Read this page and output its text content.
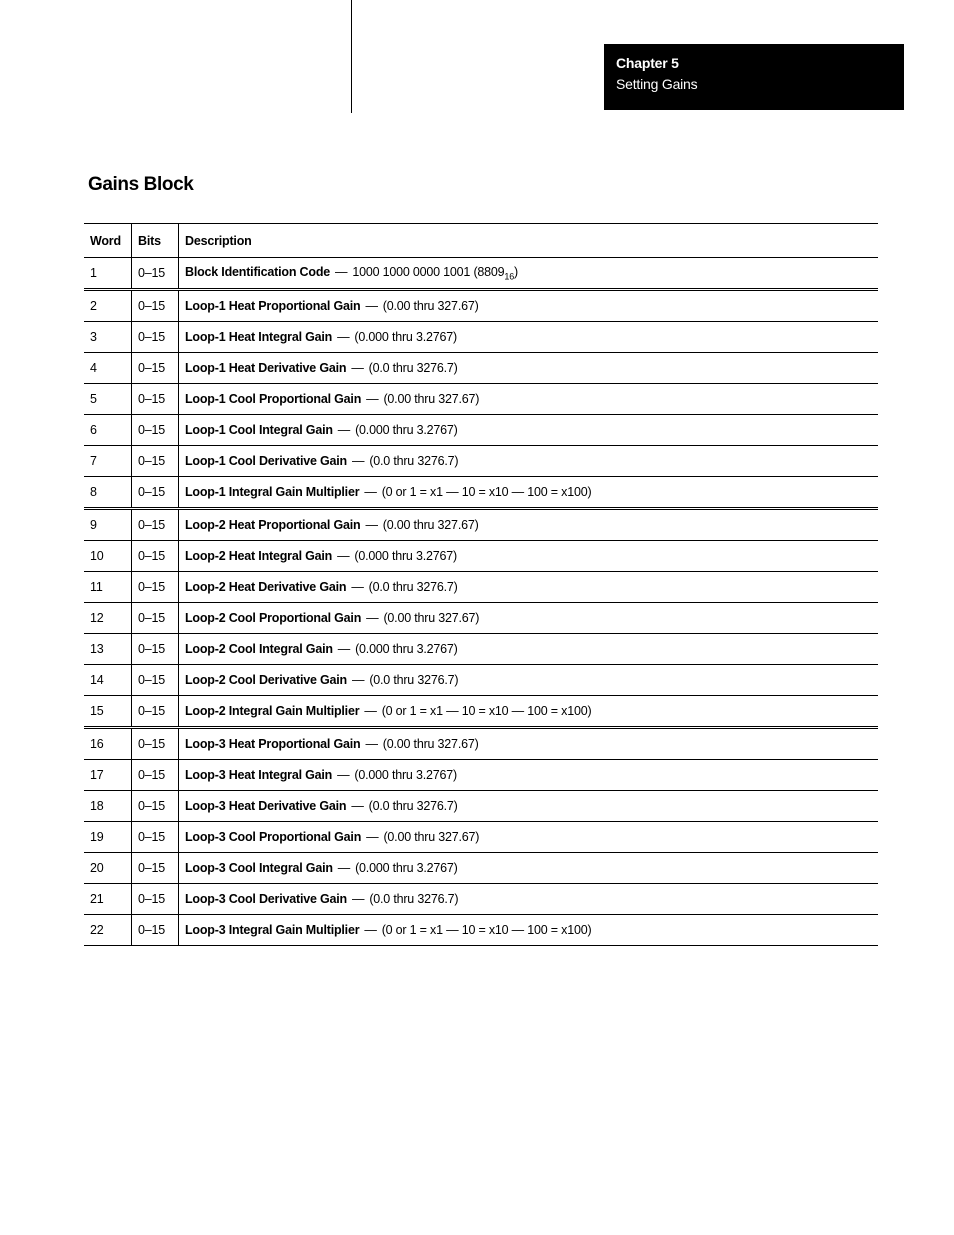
Chapter 5
Setting Gains
Gains Block
Word	Bits	Description
1	0–15	Block Identification Code — 1000 1000 0000 1001 $(8809_{16})$
2	0–15	Loop-1 Heat Proportional Gain — (0.00 thru 327.67)
3	0–15	Loop-1 Heat Integral Gain — (0.000 thru 3.2767)
4	0–15	Loop-1 Heat Derivative Gain — (0.0 thru 3276.7)
5	0–15	Loop-1 Cool Proportional Gain — (0.00 thru 327.67)
6	0–15	Loop-1 Cool Integral Gain — (0.000 thru 3.2767)
7	0–15	Loop-1 Cool Derivative Gain — (0.0 thru 3276.7)
8	0–15	Loop-1 Integral Gain Multiplier — (0 or 1 = x1 — 10 = x10 — 100 = x100)
9	0–15	Loop-2 Heat Proportional Gain — (0.00 thru 327.67)
10	0–15	Loop-2 Heat Integral Gain — (0.000 thru 3.2767)
11	0–15	Loop-2 Heat Derivative Gain — (0.0 thru 3276.7)
12	0–15	Loop-2 Cool Proportional Gain — (0.00 thru 327.67)
13	0–15	Loop-2 Cool Integral Gain — (0.000 thru 3.2767)
14	0–15	Loop-2 Cool Derivative Gain — (0.0 thru 3276.7)
15	0–15	Loop-2 Integral Gain Multiplier — (0 or 1 = x1 — 10 = x10 — 100 = x100)
16	0–15	Loop-3 Heat Proportional Gain — (0.00 thru 327.67)
17	0–15	Loop-3 Heat Integral Gain — (0.000 thru 3.2767)
18	0–15	Loop-3 Heat Derivative Gain — (0.0 thru 3276.7)
19	0–15	Loop-3 Cool Proportional Gain — (0.00 thru 327.67)
20	0–15	Loop-3 Cool Integral Gain — (0.000 thru 3.2767)
21	0–15	Loop-3 Cool Derivative Gain — (0.0 thru 3276.7)
22	0–15	Loop-3 Integral Gain Multiplier — (0 or 1 = x1 — 10 = x10 — 100 = x100)
